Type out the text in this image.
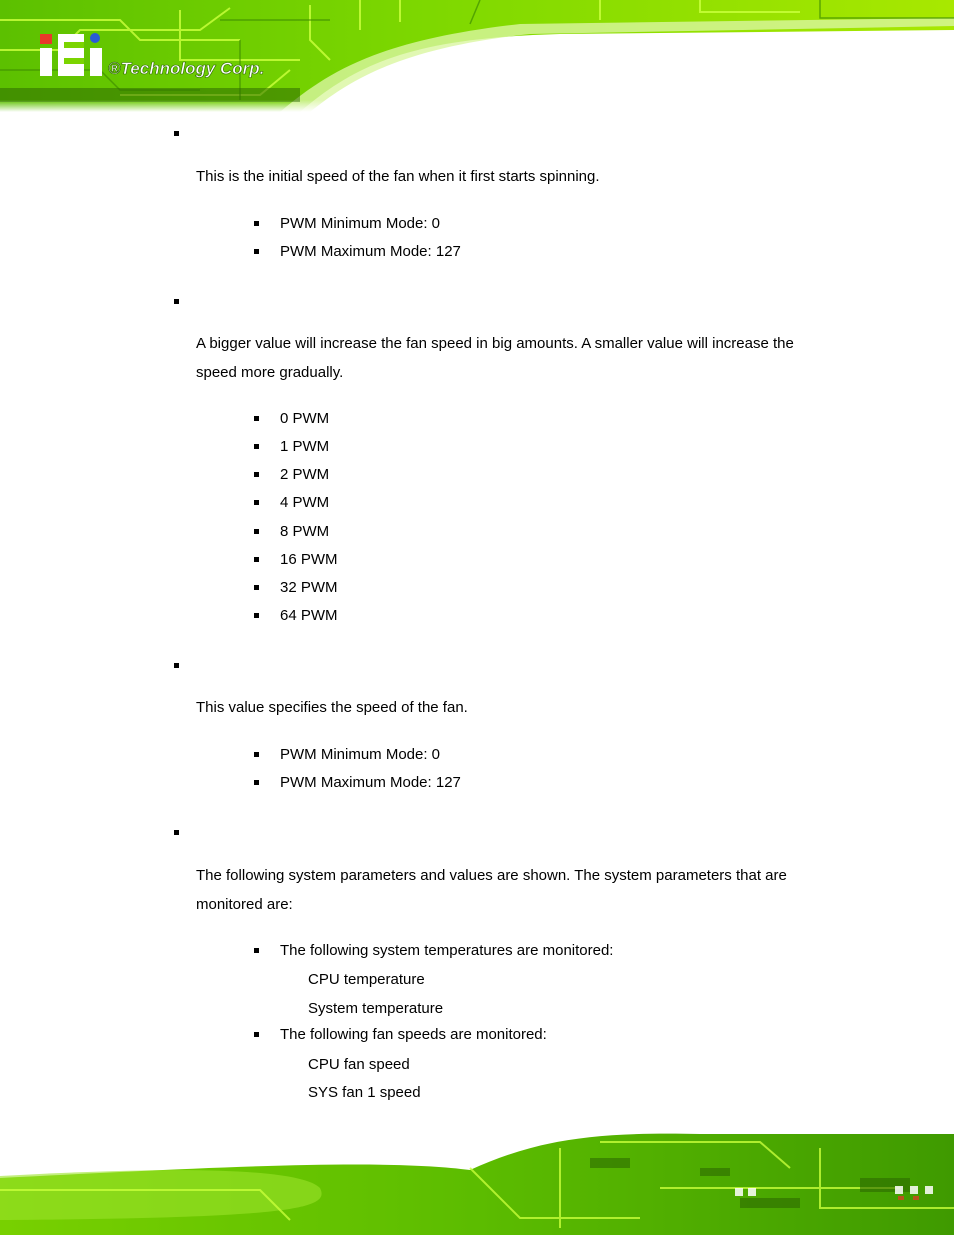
®Technology Corp.
This is the initial speed of the fan when it first starts spinning.
PWM Minimum Mode: 0
PWM Maximum Mode: 127
A bigger value will increase the fan speed in big amounts. A smaller value will increase the speed more gradually.
0 PWM
1 PWM
2 PWM
4 PWM
8 PWM
16 PWM
32 PWM
64 PWM
This value specifies the speed of the fan.
PWM Minimum Mode: 0
PWM Maximum Mode: 127
The following system parameters and values are shown. The system parameters that are monitored are:
The following system temperatures are monitored:
CPU temperature
System temperature
The following fan speeds are monitored:
CPU fan speed
SYS fan 1 speed
